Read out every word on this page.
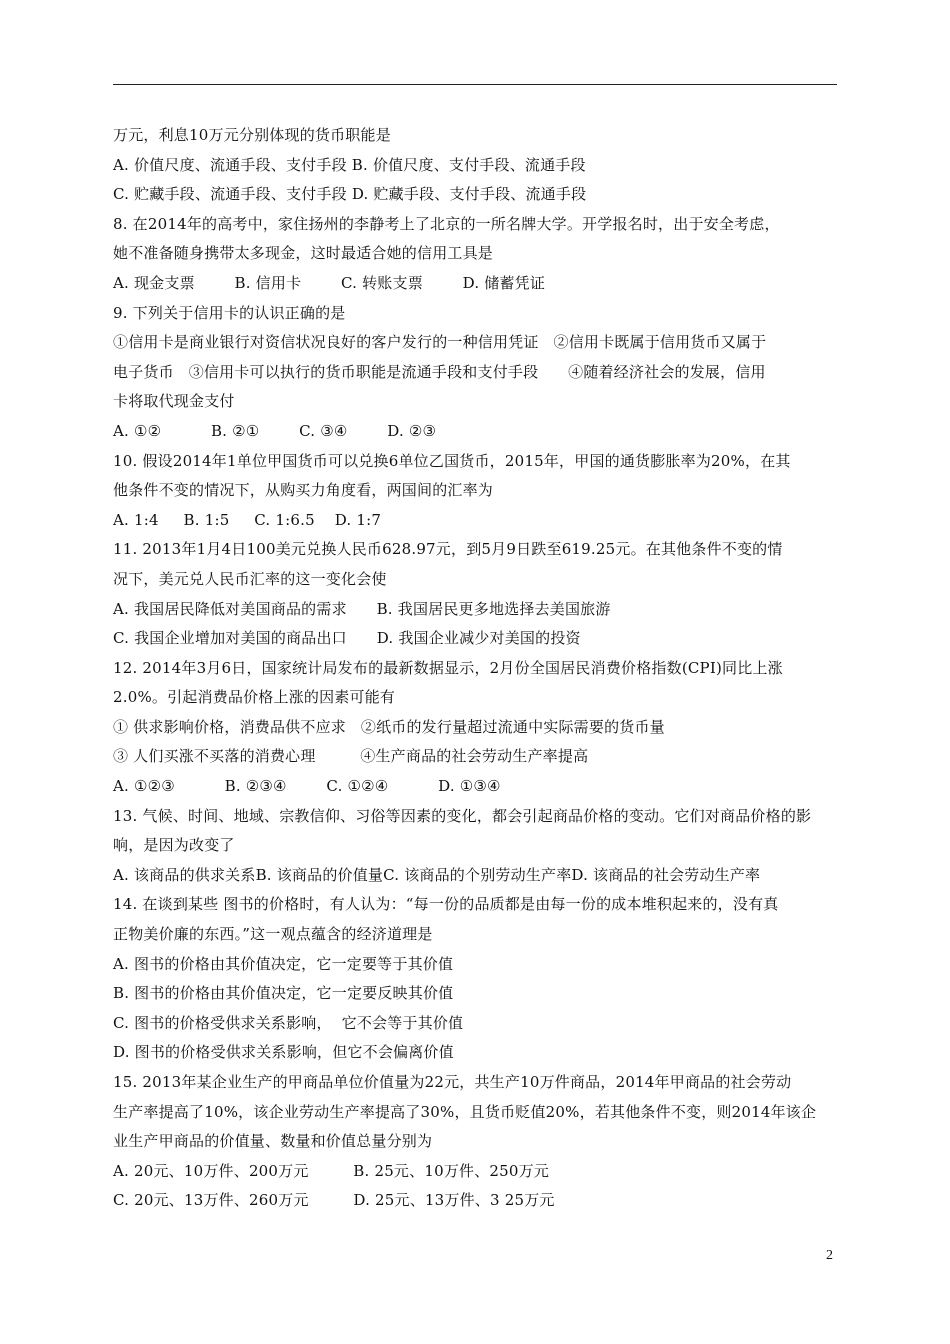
万元，利息10万元分别体现的货币职能是
A. 价值尺度、流通手段、支付手段 B. 价值尺度、支付手段、流通手段
C. 贮藏手段、流通手段、支付手段 D. 贮藏手段、支付手段、流通手段
8. 在2014年的高考中，家住扬州的李静考上了北京的一所名牌大学。开学报名时，出于安全考虑，
她不准备随身携带太多现金，这时最适合她的信用工具是
A. 现金支票        B. 信用卡        C. 转账支票        D. 储蓄凭证
9. 下列关于信用卡的认识正确的是
①信用卡是商业银行对资信状况良好的客户发行的一种信用凭证   ②信用卡既属于信用货币又属于
电子货币   ③信用卡可以执行的货币职能是流通手段和支付手段      ④随着经济社会的发展，信用
卡将取代现金支付
A. ①②          B. ②①        C. ③④        D. ②③
10. 假设2014年1单位甲国货币可以兑换6单位乙国货币，2015年，甲国的通货膨胀率为20%，在其
他条件不变的情况下，从购买力角度看，两国间的汇率为
A. 1:4     B. 1:5     C. 1:6.5    D. 1:7
11. 2013年1月4日100美元兑换人民币628.97元，到5月9日跌至619.25元。在其他条件不变的情
况下，美元兑人民币汇率的这一变化会使
A. 我国居民降低对美国商品的需求      B. 我国居民更多地选择去美国旅游
C. 我国企业增加对美国的商品出口      D. 我国企业减少对美国的投资
12. 2014年3月6日，国家统计局发布的最新数据显示，2月份全国居民消费价格指数(CPI)同比上涨
2.0%。引起消费品价格上涨的因素可能有
① 供求影响价格，消费品供不应求   ②纸币的发行量超过流通中实际需要的货币量
③ 人们买涨不买落的消费心理         ④生产商品的社会劳动生产率提高
A. ①②③          B. ②③④        C. ①②④          D. ①③④
13. 气候、时间、地域、宗教信仰、习俗等因素的变化，都会引起商品价格的变动。它们对商品价格的影
响，是因为改变了
A. 该商品的供求关系B. 该商品的价值量C. 该商品的个别劳动生产率D. 该商品的社会劳动生产率
14. 在谈到某些 图书的价格时，有人认为：“每一份的品质都是由每一份的成本堆积起来的，没有真
正物美价廉的东西。”这一观点蕴含的经济道理是
A. 图书的价格由其价值决定，它一定要等于其价值
B. 图书的价格由其价值决定，它一定要反映其价值
C. 图书的价格受供求关系影响，  它不会等于其价值
D. 图书的价格受供求关系影响，但它不会偏离价值
15. 2013年某企业生产的甲商品单位价值量为22元，共生产10万件商品，2014年甲商品的社会劳动
生产率提高了10%，该企业劳动生产率提高了30%，且货币贬值20%，若其他条件不变，则2014年该企
业生产甲商品的价值量、数量和价值总量分别为
A. 20元、10万件、200万元         B. 25元、10万件、250万元
C. 20元、13万件、260万元         D. 25元、13万件、3 25万元
2
